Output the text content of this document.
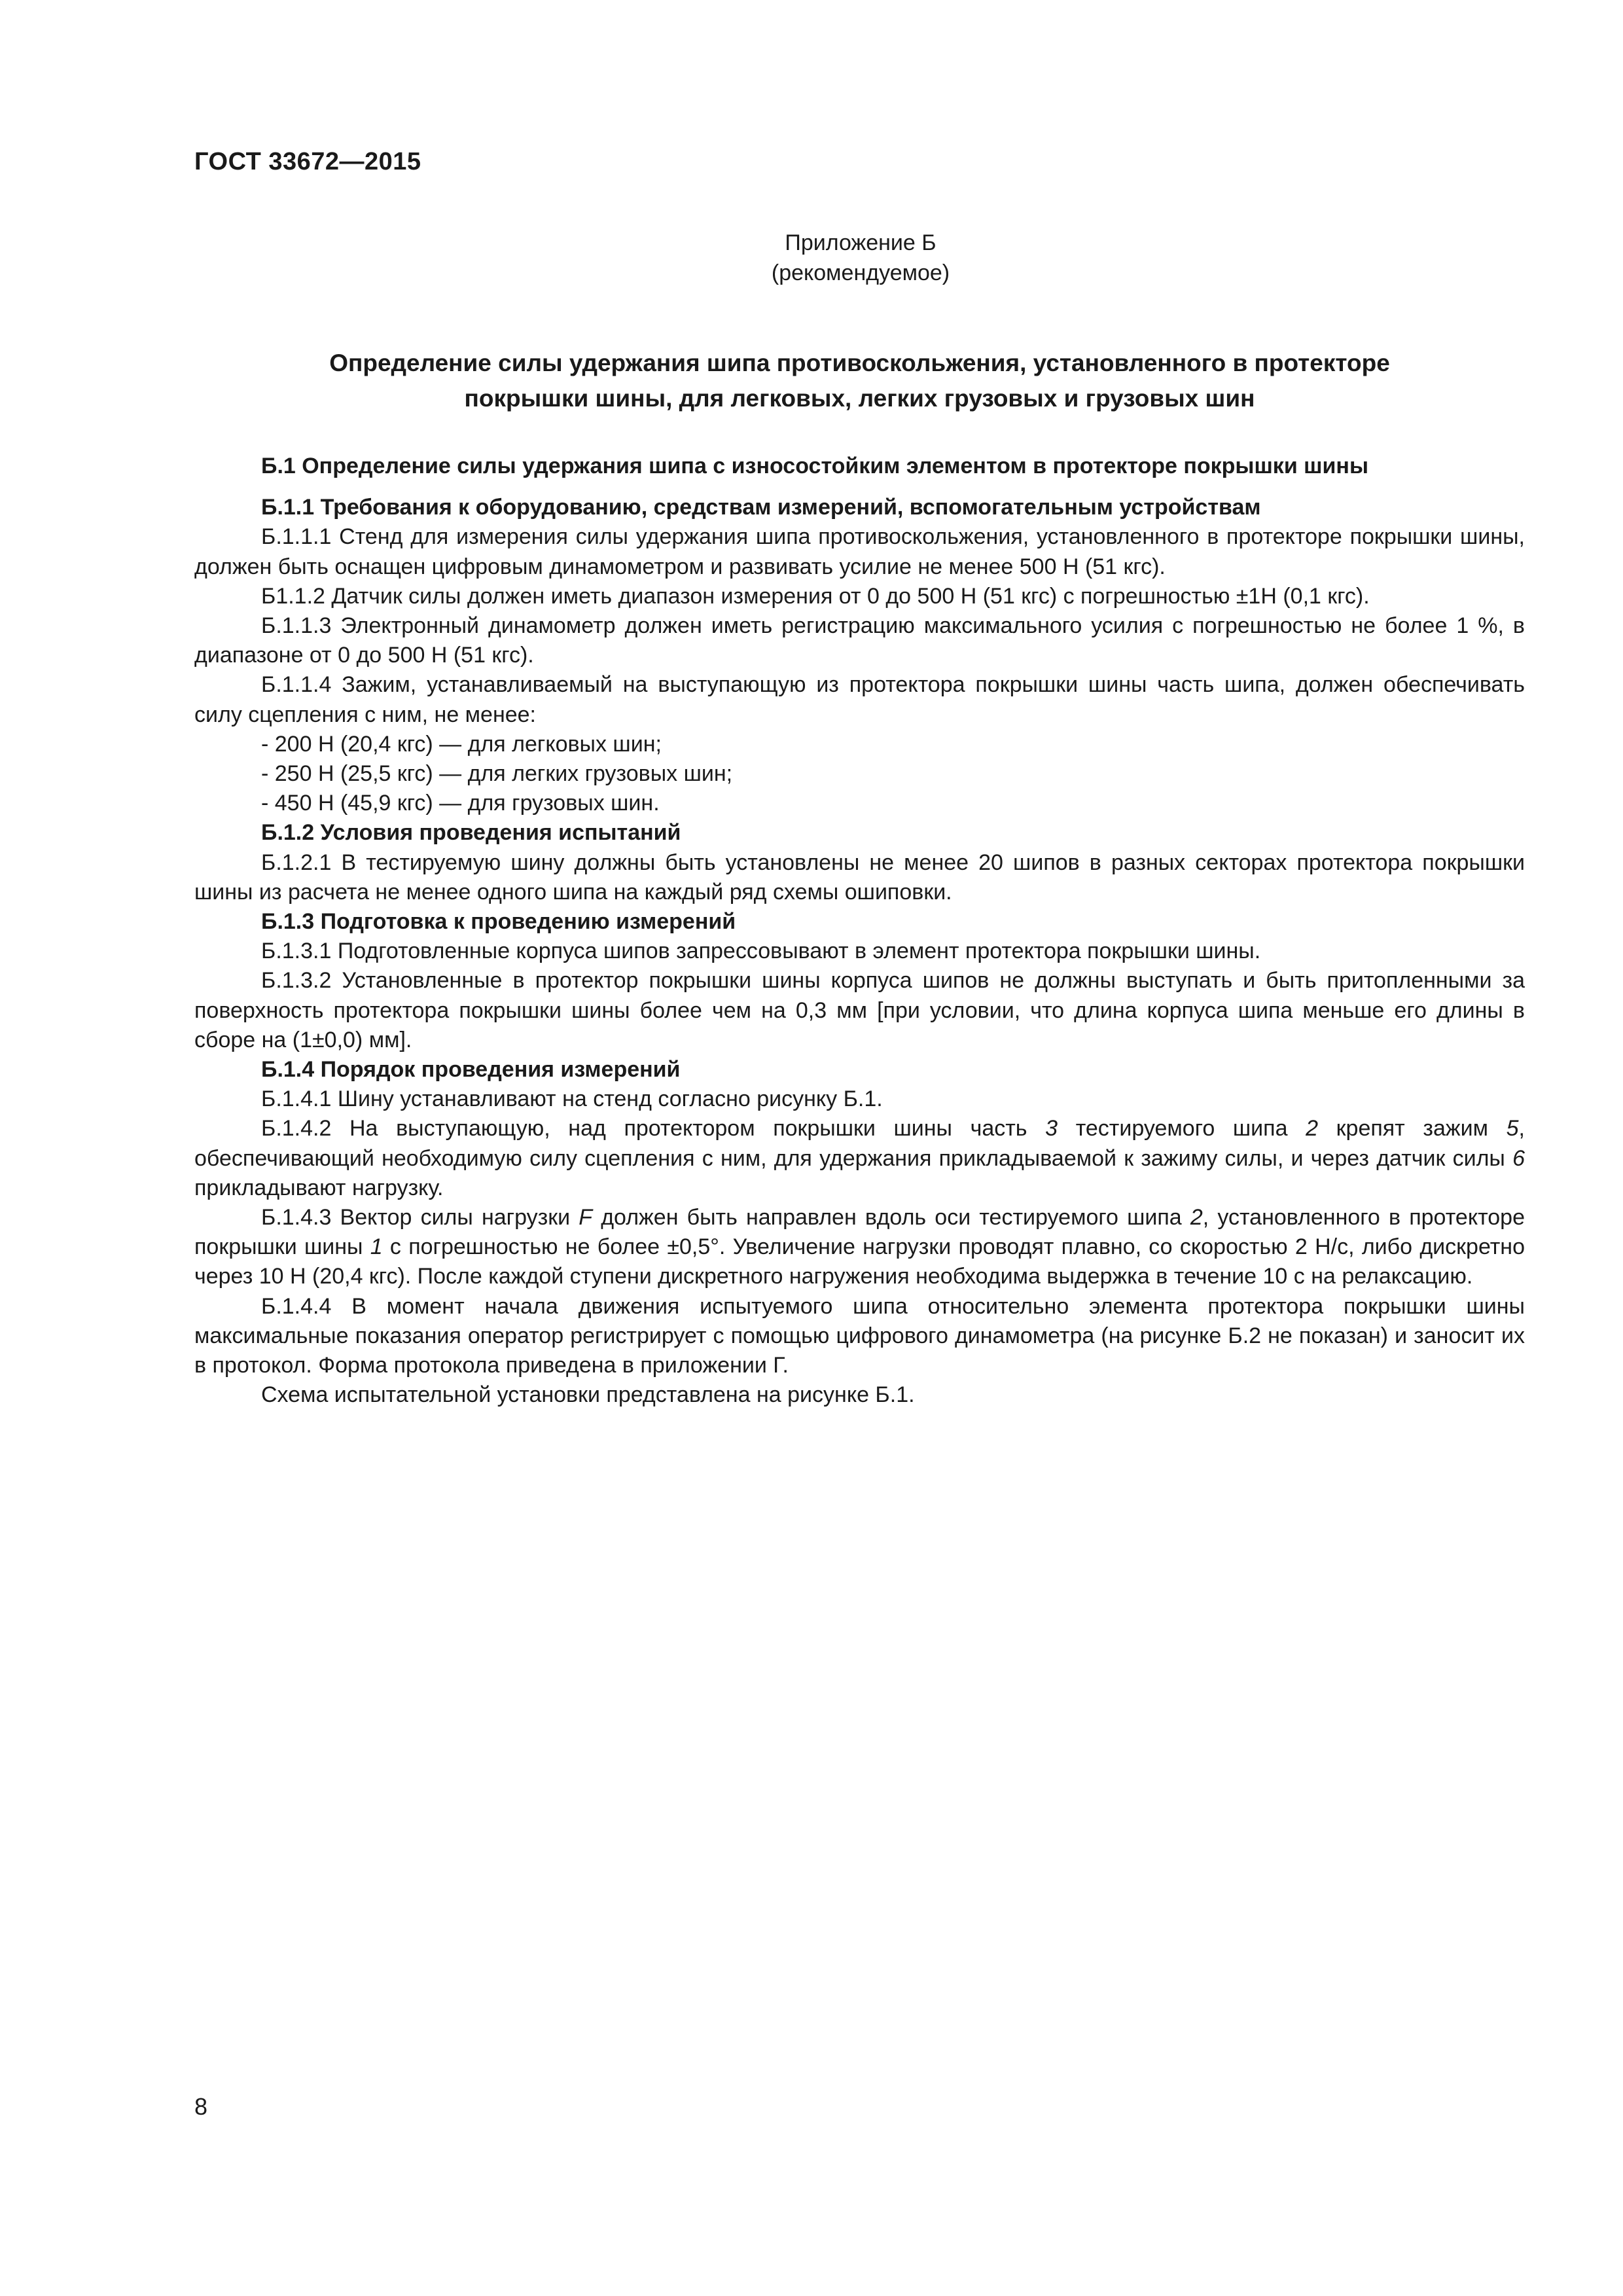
ГОСТ 33672—2015
Приложение Б
(рекомендуемое)
Определение силы удержания шипа противоскольжения, установленного в протекторе
покрышки шины, для легковых, легких грузовых и грузовых шин

Б.1 Определение силы удержания шипа с износостойким элементом в протекторе покрышки шины

Б.1.1 Требования к оборудованию, средствам измерений, вспомогательным устройствам

Б.1.1.1 Стенд для измерения силы удержания шипа противоскольжения, установленного в протекторе покрышки шины, должен быть оснащен цифровым динамометром и развивать усилие не менее 500 Н (51 кгс).

Б1.1.2 Датчик силы должен иметь диапазон измерения от 0 до 500 Н (51 кгс) с погрешностью ±1Н (0,1 кгс).

Б.1.1.3 Электронный динамометр должен иметь регистрацию максимального усилия с погрешностью не более 1 %, в диапазоне от 0 до 500 Н (51 кгс).

Б.1.1.4 Зажим, устанавливаемый на выступающую из протектора покрышки шины часть шипа, должен обеспечивать силу сцепления с ним, не менее:

- 200 Н (20,4 кгс) — для легковых шин;

- 250 Н (25,5 кгс) — для легких грузовых шин;

- 450 Н (45,9 кгс) — для грузовых шин.

Б.1.2 Условия проведения испытаний

Б.1.2.1 В тестируемую шину должны быть установлены не менее 20 шипов в разных секторах протектора покрышки шины из расчета не менее одного шипа на каждый ряд схемы ошиповки.

Б.1.3 Подготовка к проведению измерений

Б.1.3.1 Подготовленные корпуса шипов запрессовывают в элемент протектора покрышки шины.

Б.1.3.2 Установленные в протектор покрышки шины корпуса шипов не должны выступать и быть притопленными за поверхность протектора покрышки шины более чем на 0,3 мм [при условии, что длина корпуса шипа меньше его длины в сборе на (1±0,0) мм].

Б.1.4 Порядок проведения измерений

Б.1.4.1 Шину устанавливают на стенд согласно рисунку Б.1.

Б.1.4.2 На выступающую, над протектором покрышки шины часть 3 тестируемого шипа 2 крепят зажим 5, обеспечивающий необходимую силу сцепления с ним, для удержания прикладываемой к зажиму силы, и через датчик силы 6 прикладывают нагрузку.

Б.1.4.3 Вектор силы нагрузки F должен быть направлен вдоль оси тестируемого шипа 2, установленного в протекторе покрышки шины 1 с погрешностью не более ±0,5°. Увеличение нагрузки проводят плавно, со скоростью 2 Н/с, либо дискретно через 10 Н (20,4 кгс). После каждой ступени дискретного нагружения необходима выдержка в течение 10 с на релаксацию.

Б.1.4.4 В момент начала движения испытуемого шипа относительно элемента протектора покрышки шины максимальные показания оператор регистрирует с помощью цифрового динамометра (на рисунке Б.2 не показан) и заносит их в протокол. Форма протокола приведена в приложении Г.

Схема испытательной установки представлена на рисунке Б.1.

8
